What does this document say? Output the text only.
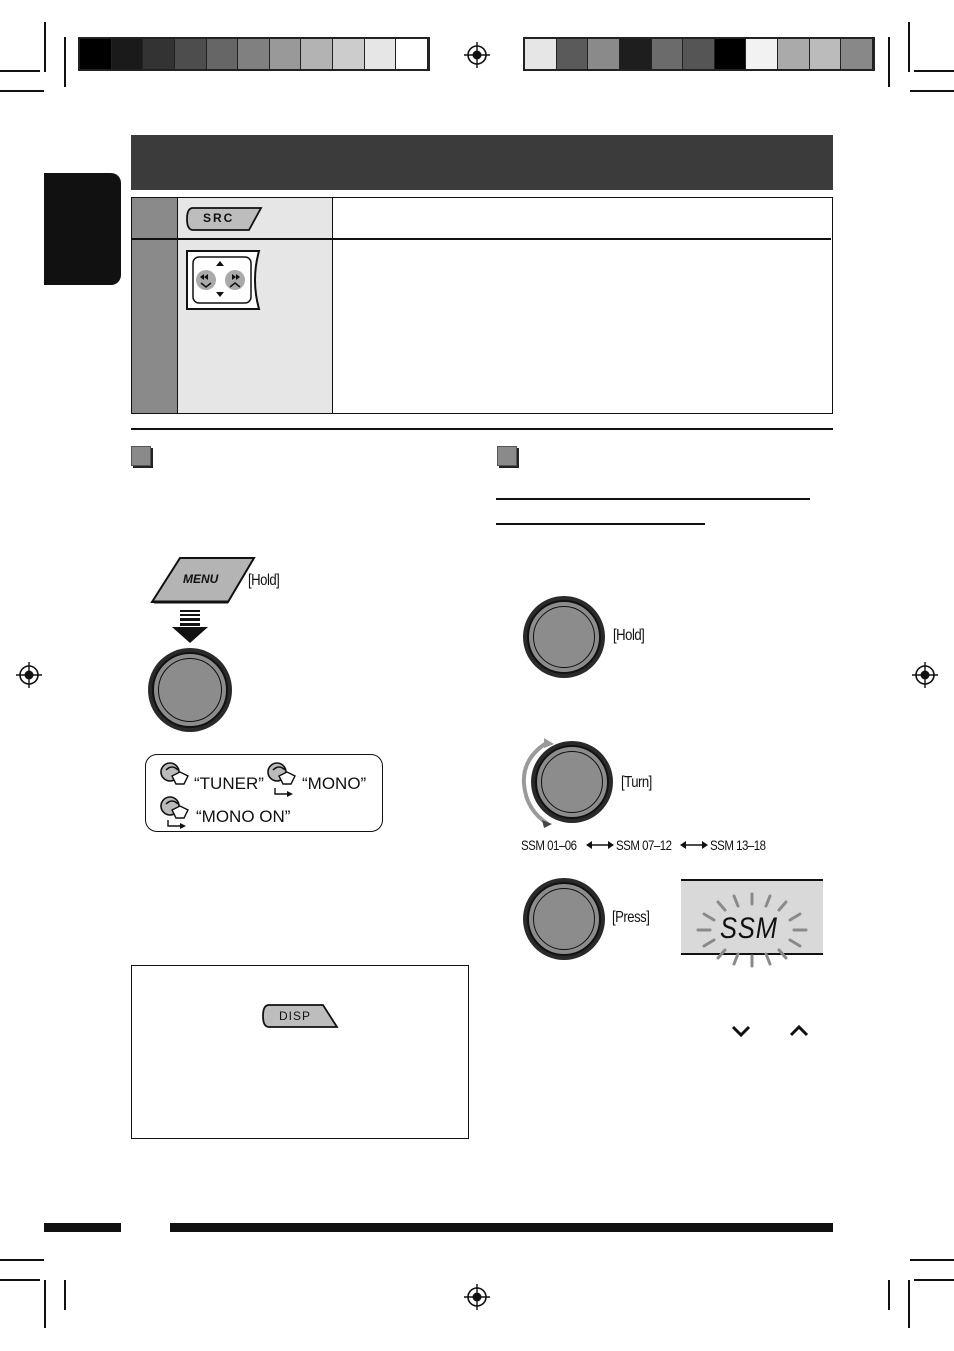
SRC
MENU [Hold]
“TUNER” “MONO”
“MONO ON”
DISP
[Hold]
[Turn]
SSM 01–06	SSM 07–12	SSM 13–18
[Press] SSM
